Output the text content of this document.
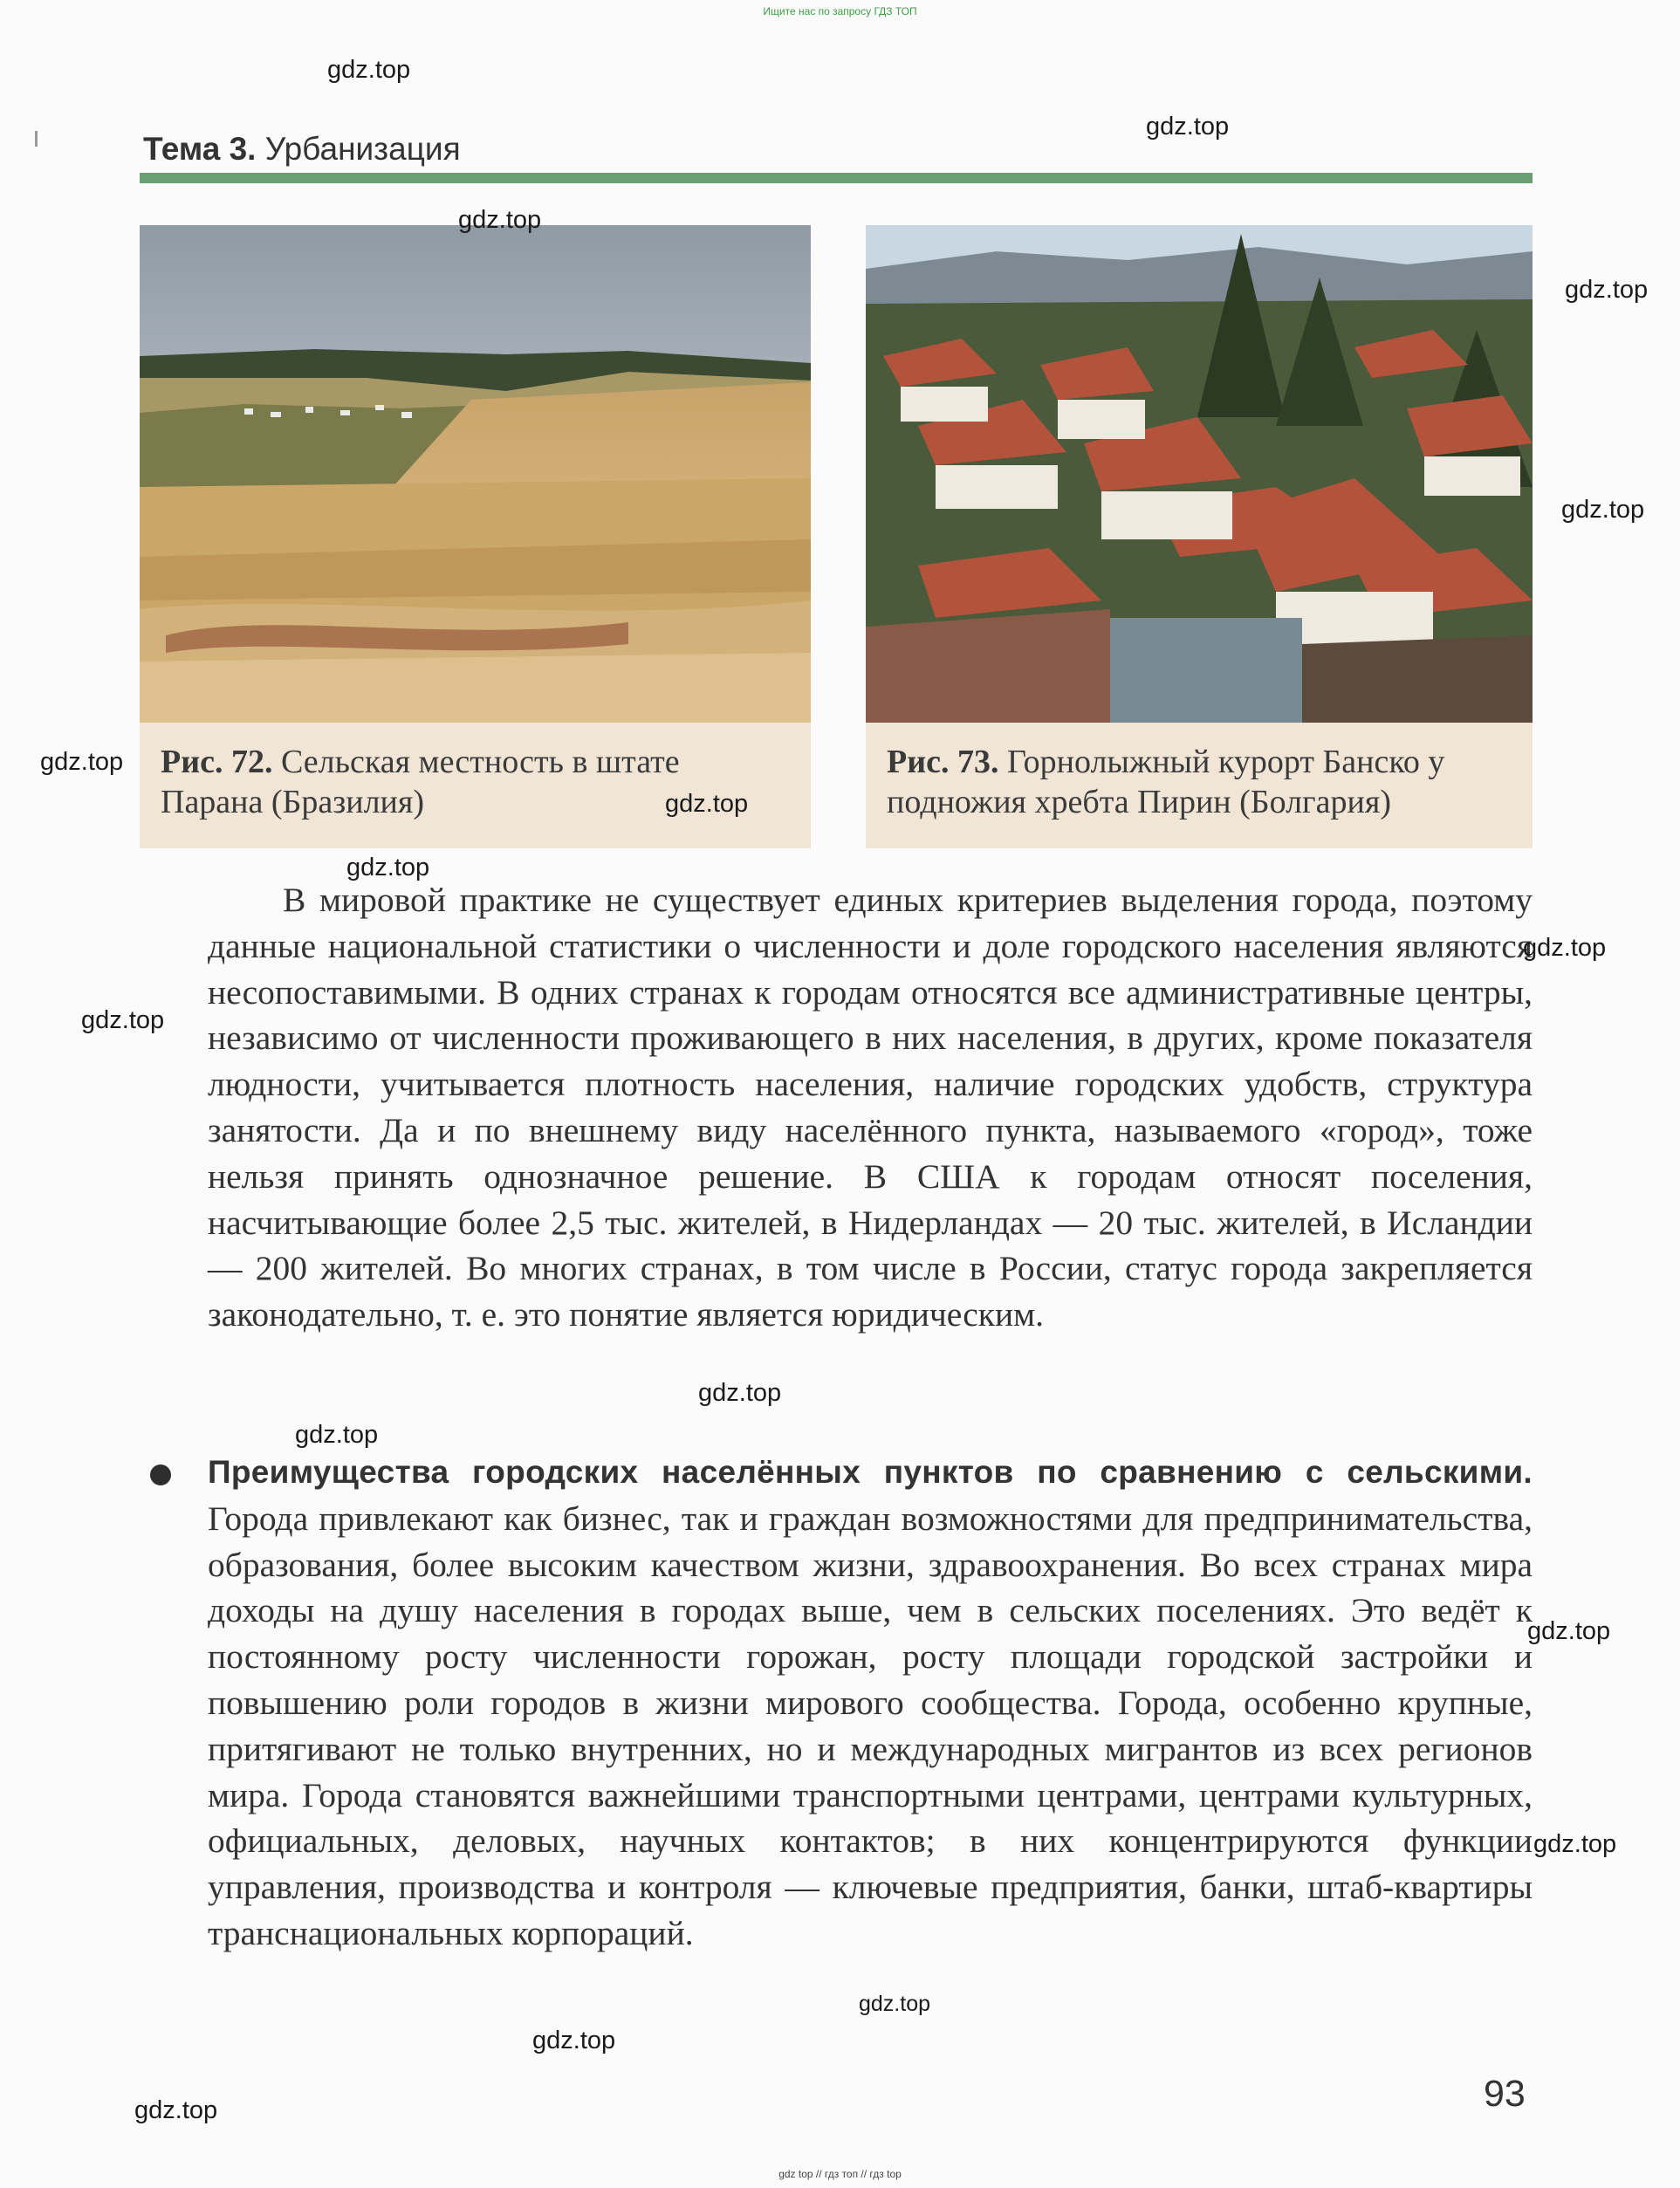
Ищите нас по запросу ГДЗ ТОП
Тема 3. Урбанизация
Рис. 72. Сельская местность в штате Парана (Бразилия)
Рис. 73. Горнолыжный курорт Банско у подножия хребта Пирин (Болгария)

В мировой практике не существует единых критериев выделения города, поэтому данные национальной статистики о численности и доле городского населения являются несопоставимыми. В одних странах к городам относятся все административные центры, независимо от численности проживающего в них населения, в других, кроме показателя людности, учитывается плотность населения, наличие городских удобств, структура занятости. Да и по внешнему виду населённого пункта, называемого «город», тоже нельзя принять однозначное решение. В США к городам относят поселения, насчитывающие более 2,5 тыс. жителей, в Нидерландах — 20 тыс. жителей, в Исландии — 200 жителей. Во многих странах, в том числе в России, статус города закрепляется законодательно, т. е. это понятие является юридическим.

Преимущества городских населённых пунктов по сравнению с сельскими. Города привлекают как бизнес, так и граждан возможностями для предпринимательства, образования, более высоким качеством жизни, здравоохранения. Во всех странах мира доходы на душу населения в городах выше, чем в сельских поселениях. Это ведёт к постоянному росту численности горожан, росту площади городской застройки и повышению роли городов в жизни мирового сообщества. Города, особенно крупные, притягивают не только внутренних, но и международных мигрантов из всех регионов мира. Города становятся важнейшими транспортными центрами, центрами культурных, официальных, деловых, научных контактов; в них концентрируются функции управления, производства и контроля — ключевые предприятия, банки, штаб-квартиры транснациональных корпораций.
93
gdz.top
gdz.top
gdz.top
gdz.top
gdz.top
gdz.top
gdz.top
gdz.top
gdz.top
gdz.top
gdz.top
gdz.top
gdz.top
gdz.top
gdz.top
gdz.top
gdz.top
gdz top // гдз топ // гдз top
